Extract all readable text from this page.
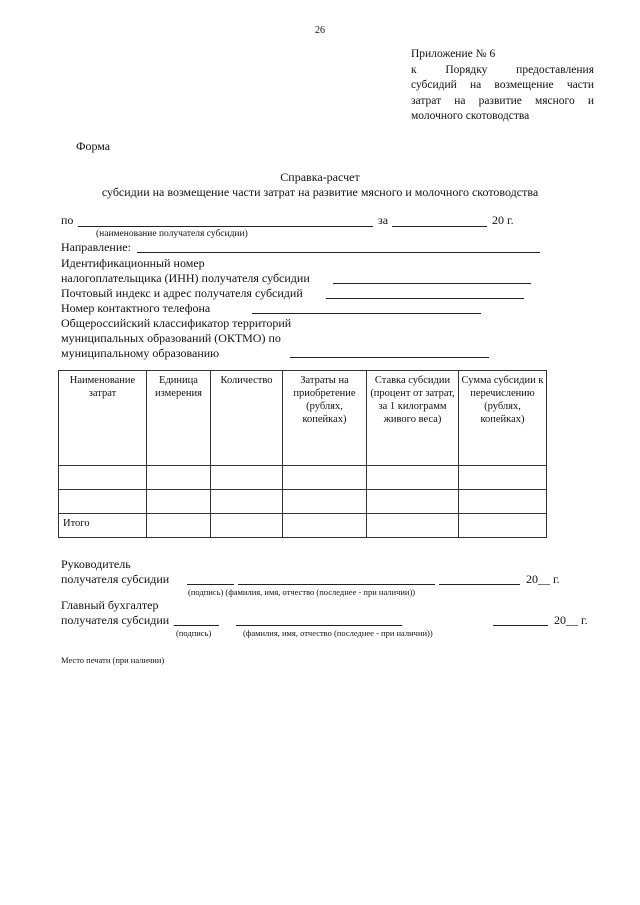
26
Приложение № 6
к Порядку предоставления
субсидий на возмещение части
затрат на развитие мясного и
молочного скотоводства
Форма
Справка-расчет
субсидии на возмещение части затрат на развитие мясного и молочного скотоводства
по	за	20 г.
(наименование получателя субсидии)
Направление:
Идентификационный номер
налогоплательщика (ИНН) получателя субсидии
Почтовый индекс и адрес получателя субсидий
Номер контактного телефона
Общероссийский классификатор территорий
муниципальных образований (ОКТМО) по
муниципальному образованию
Наименование затрат	Единица измерения	Количество	Затраты на приобретение (рублях, копейках)	Ставка субсидии (процент от затрат, за 1 килограмм живого веса)	Сумма субсидии к перечислению (рублях, копейках)

Итого					
Руководитель
получателя субсидии	20__ г.
(подпись) (фамилия, имя, отчество (последнее - при наличии))
Главный бухгалтер
получателя субсидии	20__ г.
(подпись)	(фамилия, имя, отчество (последнее - при наличии))
Место печати (при наличии)
